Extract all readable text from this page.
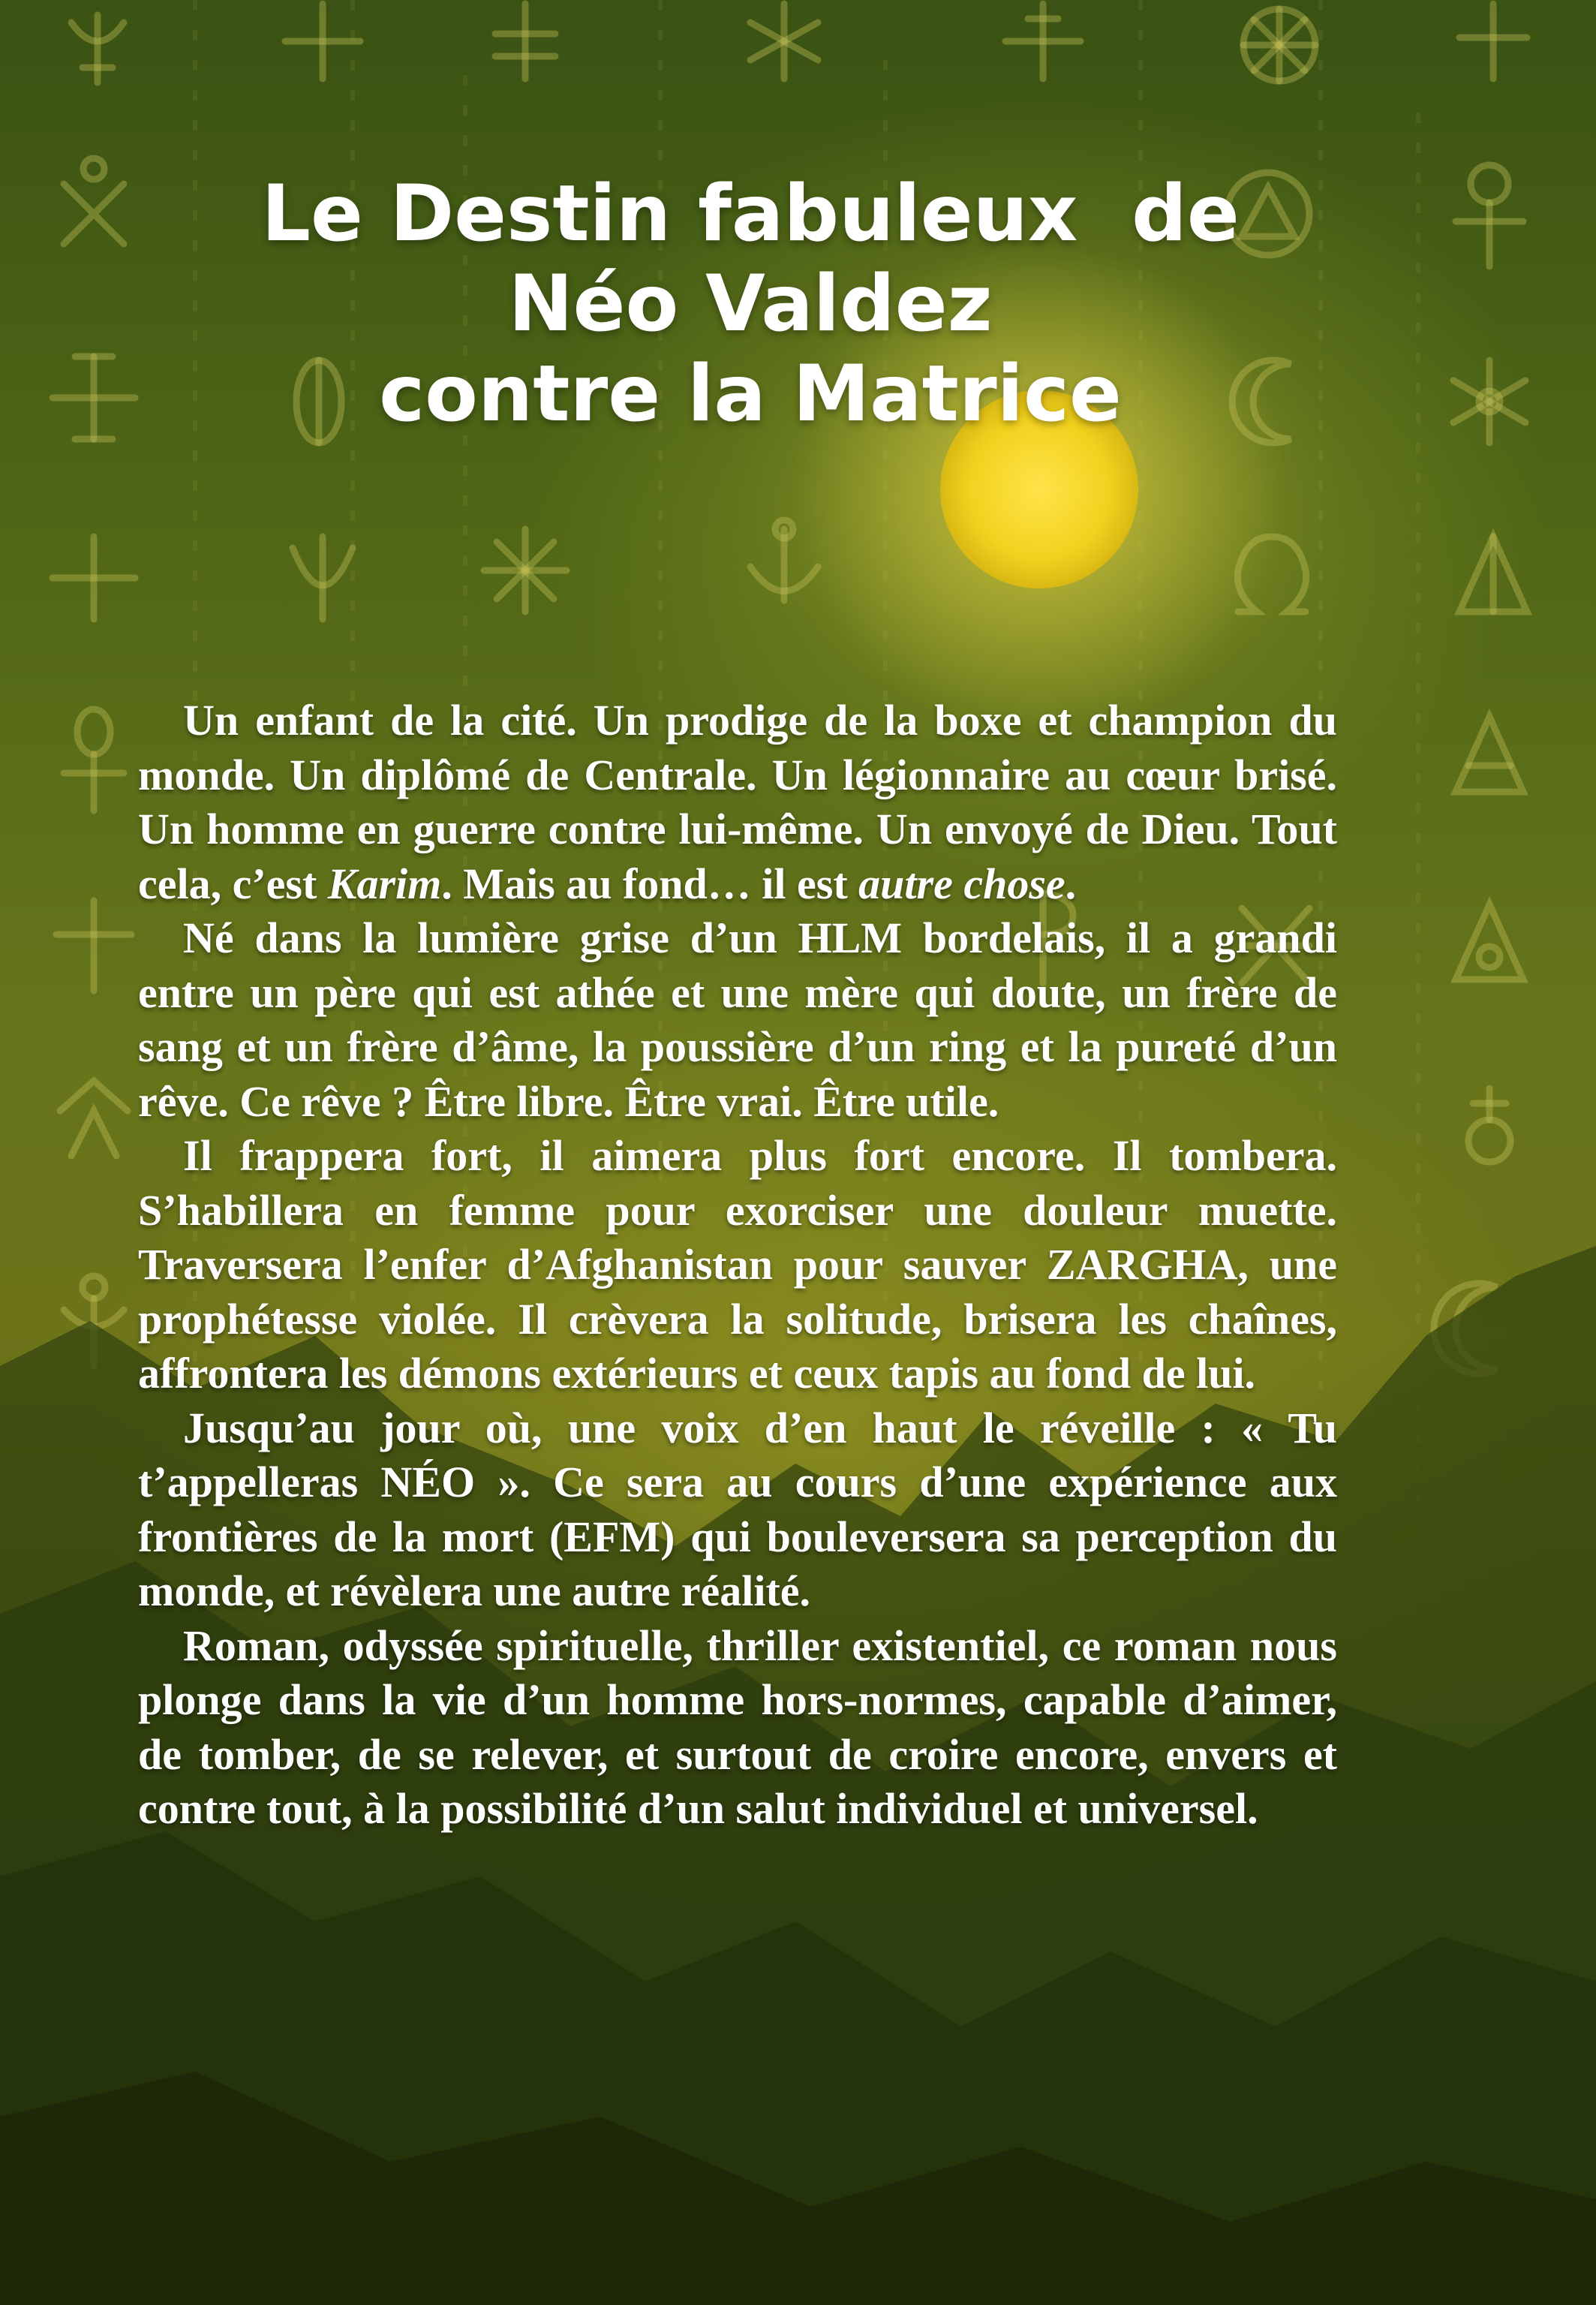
Le Destin fabuleux  de
Néo Valdez
contre la Matrice

Un enfant de la cité. Un prodige de la boxe et champion du monde. Un diplômé de Centrale. Un légionnaire au cœur brisé. Un homme en guerre contre lui-même. Un envoyé de Dieu. Tout cela, c’est Karim. Mais au fond… il est autre chose.

Né dans la lumière grise d’un HLM bordelais, il a grandi entre un père qui est athée et une mère qui doute, un frère de sang et un frère d’âme, la poussière d’un ring et la pureté d’un rêve. Ce rêve ? Être libre. Être vrai. Être utile.

Il frappera fort, il aimera plus fort encore. Il tombera. S’habillera en femme pour exorciser une douleur muette. Traversera l’enfer d’Afghanistan pour sauver ZARGHA, une prophétesse violée. Il crèvera la solitude, brisera les chaînes, affrontera les démons extérieurs et ceux tapis au fond de lui.

Jusqu’au jour où, une voix d’en haut le réveille : « Tu t’appelleras NÉO ». Ce sera au cours d’une expérience aux frontières de la mort (EFM) qui bouleversera sa perception du monde, et révèlera une autre réalité.

Roman, odyssée spirituelle, thriller existentiel, ce roman nous plonge dans la vie d’un homme hors-normes, capable d’aimer, de tomber, de se relever, et surtout de croire encore, envers et contre tout, à la possibilité d’un salut individuel et universel.
